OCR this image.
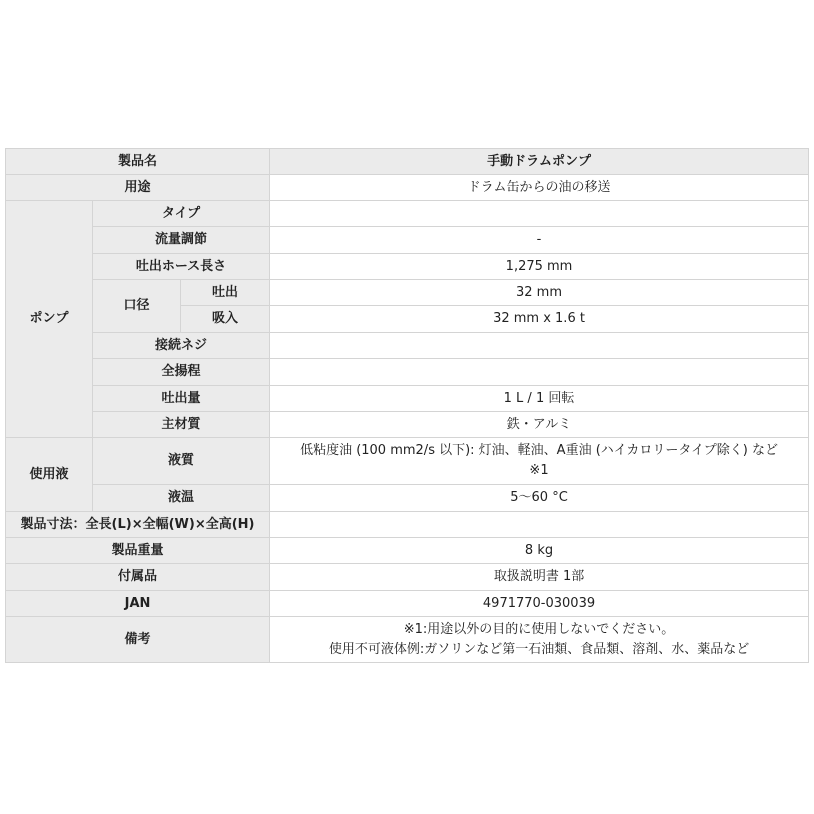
製品名			手動ドラムポンプ
用途			ドラム缶からの油の移送
ポンプ	タイプ		
	流量調節		-
	吐出ホース長さ		1,275 mm
	口径	吐出	32 mm
		吸入	32 mm x 1.6 t
	接続ネジ		
	全揚程		
	吐出量		1 L / 1 回転
	主材質		鉄・アルミ
使用液	液質		低粘度油 (100 mm2/s 以下): 灯油、軽油、A重油 (ハイカロリータイプ除く) など
※1

	液温		5～60 °C
製品寸法：全長(L)×全幅(W)×全高(H)			
製品重量			8 kg
付属品			取扱説明書 1部
JAN			4971770-030039
備考			※1:用途以外の目的に使用しないでください。
使用不可液体例:ガソリンなど第一石油類、食品類、溶剤、水、薬品など
